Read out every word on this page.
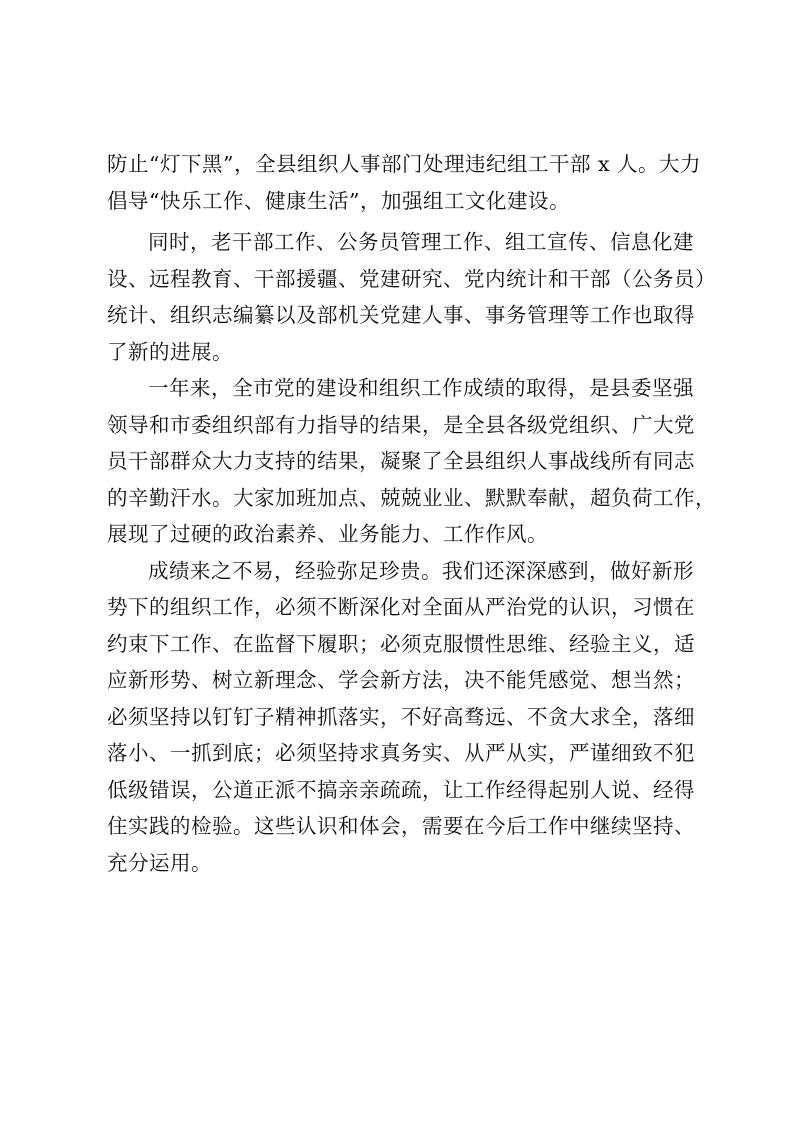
防止“灯下黑”，全县组织人事部门处理违纪组工干部 x 人。大力
倡导“快乐工作、健康生活”，加强组工文化建设。
同时，老干部工作、公务员管理工作、组工宣传、信息化建
设、远程教育、干部援疆、党建研究、党内统计和干部（公务员）
统计、组织志编纂以及部机关党建人事、事务管理等工作也取得
了新的进展。
一年来，全市党的建设和组织工作成绩的取得，是县委坚强
领导和市委组织部有力指导的结果，是全县各级党组织、广大党
员干部群众大力支持的结果，凝聚了全县组织人事战线所有同志
的辛勤汗水。大家加班加点、兢兢业业、默默奉献，超负荷工作，
展现了过硬的政治素养、业务能力、工作作风。
成绩来之不易，经验弥足珍贵。我们还深深感到，做好新形
势下的组织工作，必须不断深化对全面从严治党的认识，习惯在
约束下工作、在监督下履职；必须克服惯性思维、经验主义，适
应新形势、树立新理念、学会新方法，决不能凭感觉、想当然；
必须坚持以钉钉子精神抓落实，不好高骛远、不贪大求全，落细
落小、一抓到底；必须坚持求真务实、从严从实，严谨细致不犯
低级错误，公道正派不搞亲亲疏疏，让工作经得起别人说、经得
住实践的检验。这些认识和体会，需要在今后工作中继续坚持、
充分运用。
